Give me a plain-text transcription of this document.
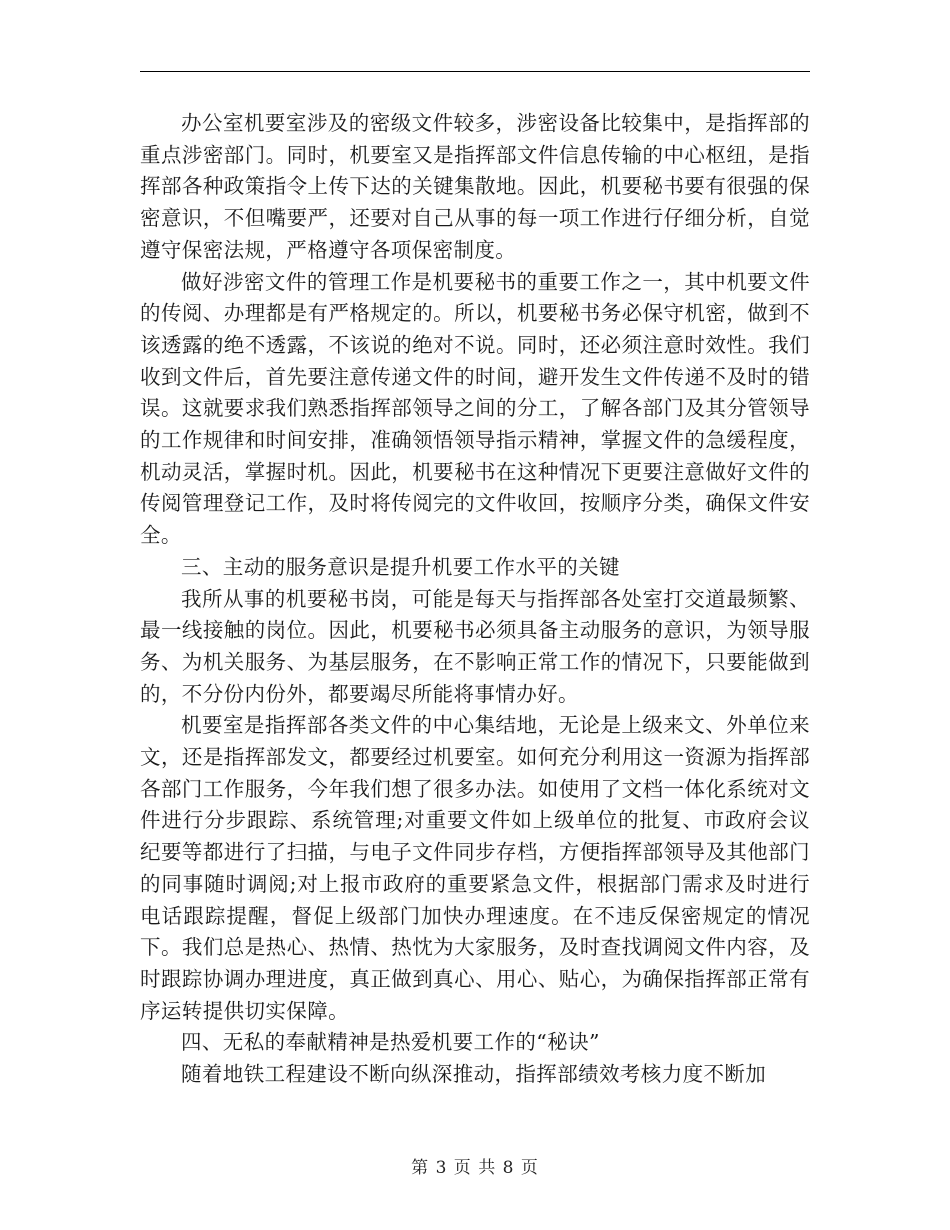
办公室机要室涉及的密级文件较多，涉密设备比较集中，是指挥部的重点涉密部门。同时，机要室又是指挥部文件信息传输的中心枢纽，是指挥部各种政策指令上传下达的关键集散地。因此，机要秘书要有很强的保密意识，不但嘴要严，还要对自己从事的每一项工作进行仔细分析，自觉遵守保密法规，严格遵守各项保密制度。

做好涉密文件的管理工作是机要秘书的重要工作之一，其中机要文件的传阅、办理都是有严格规定的。所以，机要秘书务必保守机密，做到不该透露的绝不透露，不该说的绝对不说。同时，还必须注意时效性。我们收到文件后，首先要注意传递文件的时间，避开发生文件传递不及时的错误。这就要求我们熟悉指挥部领导之间的分工，了解各部门及其分管领导的工作规律和时间安排，准确领悟领导指示精神，掌握文件的急缓程度，机动灵活，掌握时机。因此，机要秘书在这种情况下更要注意做好文件的传阅管理登记工作，及时将传阅完的文件收回，按顺序分类，确保文件安全。

三、主动的服务意识是提升机要工作水平的关键

我所从事的机要秘书岗，可能是每天与指挥部各处室打交道最频繁、最一线接触的岗位。因此，机要秘书必须具备主动服务的意识，为领导服务、为机关服务、为基层服务，在不影响正常工作的情况下，只要能做到的，不分份内份外，都要竭尽所能将事情办好。

机要室是指挥部各类文件的中心集结地，无论是上级来文、外单位来文，还是指挥部发文，都要经过机要室。如何充分利用这一资源为指挥部各部门工作服务，今年我们想了很多办法。如使用了文档一体化系统对文件进行分步跟踪、系统管理;对重要文件如上级单位的批复、市政府会议纪要等都进行了扫描，与电子文件同步存档，方便指挥部领导及其他部门的同事随时调阅;对上报市政府的重要紧急文件，根据部门需求及时进行电话跟踪提醒，督促上级部门加快办理速度。在不违反保密规定的情况下。我们总是热心、热情、热忱为大家服务，及时查找调阅文件内容，及时跟踪协调办理进度，真正做到真心、用心、贴心，为确保指挥部正常有序运转提供切实保障。

四、无私的奉献精神是热爱机要工作的“秘诀”

随着地铁工程建设不断向纵深推动，指挥部绩效考核力度不断加

第 3 页 共 8 页
